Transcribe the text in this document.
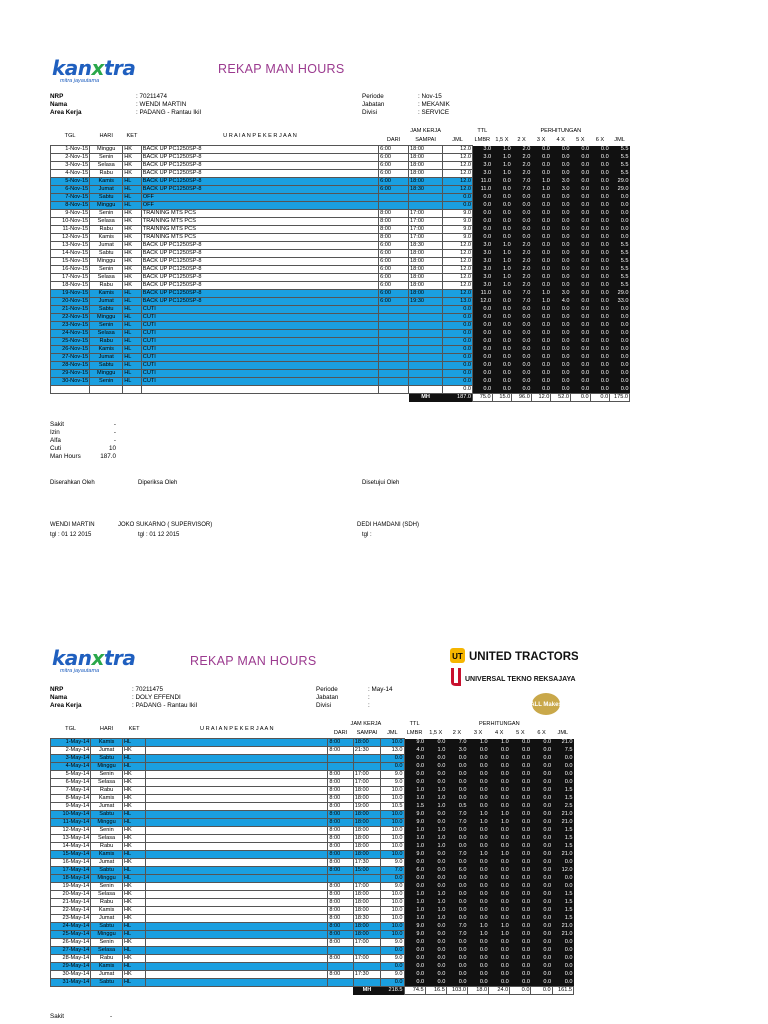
kanxtra
mitra jayautama
REKAP MAN HOURS
NRP
Nama
Area Kerja
: 70211474
: WENDI MARTIN
: PADANG - Rantau Ikil
Periode
Jabatan
Divisi
: Nov-15
: MEKANIK
: SERVICE
TGL	HARI	KET	U R A I A N P E K E R J A A N	JAM KERJA			TTL	PERHITUNGAN						
				DARI	SAMPAI	JML	LMBR	1,5 X	2 X	3 X	4 X	5 X	6 X	JML
1-Nov-15	Minggu	HK	BACK UP PC1250SP-8	6:00	18:00	12.0	3.0	1.0	2.0	0.0	0.0	0.0	0.0	5.5
2-Nov-15	Senin	HK	BACK UP PC1250SP-8	6:00	18:00	12.0	3.0	1.0	2.0	0.0	0.0	0.0	0.0	5.5
3-Nov-15	Selasa	HK	BACK UP PC1250SP-8	6:00	18:00	12.0	3.0	1.0	2.0	0.0	0.0	0.0	0.0	5.5
4-Nov-15	Rabu	HK	BACK UP PC1250SP-8	6:00	18:00	12.0	3.0	1.0	2.0	0.0	0.0	0.0	0.0	5.5
5-Nov-15	Kamis	HL	BACK UP PC1250SP-8	6:00	18:00	12.0	11.0	0.0	7.0	1.0	3.0	0.0	0.0	29.0
6-Nov-15	Jumat	HL	BACK UP PC1250SP-8	6:00	18:30	12.0	11.0	0.0	7.0	1.0	3.0	0.0	0.0	29.0
7-Nov-15	Sabtu	HL	OFF			0.0	0.0	0.0	0.0	0.0	0.0	0.0	0.0	0.0
8-Nov-15	Minggu	HL	OFF			0.0	0.0	0.0	0.0	0.0	0.0	0.0	0.0	0.0
9-Nov-15	Senin	HK	TRAINING MTS PCS	8:00	17:00	9.0	0.0	0.0	0.0	0.0	0.0	0.0	0.0	0.0
10-Nov-15	Selasa	HK	TRAINING MTS PCS	8:00	17:00	9.0	0.0	0.0	0.0	0.0	0.0	0.0	0.0	0.0
11-Nov-15	Rabu	HK	TRAINING MTS PCS	8:00	17:00	9.0	0.0	0.0	0.0	0.0	0.0	0.0	0.0	0.0
12-Nov-15	Kamis	HK	TRAINING MTS PCS	8:00	17:00	9.0	0.0	0.0	0.0	0.0	0.0	0.0	0.0	0.0
13-Nov-15	Jumat	HK	BACK UP PC1250SP-8	6:00	18:30	12.0	3.0	1.0	2.0	0.0	0.0	0.0	0.0	5.5
14-Nov-15	Sabtu	HK	BACK UP PC1250SP-8	6:00	18:00	12.0	3.0	1.0	2.0	0.0	0.0	0.0	0.0	5.5
15-Nov-15	Minggu	HK	BACK UP PC1250SP-8	6:00	18:00	12.0	3.0	1.0	2.0	0.0	0.0	0.0	0.0	5.5
16-Nov-15	Senin	HK	BACK UP PC1250SP-8	6:00	18:00	12.0	3.0	1.0	2.0	0.0	0.0	0.0	0.0	5.5
17-Nov-15	Selasa	HK	BACK UP PC1250SP-8	6:00	18:00	12.0	3.0	1.0	2.0	0.0	0.0	0.0	0.0	5.5
18-Nov-15	Rabu	HK	BACK UP PC1250SP-8	6:00	18:00	12.0	3.0	1.0	2.0	0.0	0.0	0.0	0.0	5.5
19-Nov-15	Kamis	HL	BACK UP PC1250SP-8	6:00	18:00	12.0	11.0	0.0	7.0	1.0	3.0	0.0	0.0	29.0
20-Nov-15	Jumat	HL	BACK UP PC1250SP-8	6:00	19:30	13.0	12.0	0.0	7.0	1.0	4.0	0.0	0.0	33.0
21-Nov-15	Sabtu	HL	CUTI			0.0	0.0	0.0	0.0	0.0	0.0	0.0	0.0	0.0
22-Nov-15	Minggu	HL	CUTI			0.0	0.0	0.0	0.0	0.0	0.0	0.0	0.0	0.0
23-Nov-15	Senin	HL	CUTI			0.0	0.0	0.0	0.0	0.0	0.0	0.0	0.0	0.0
24-Nov-15	Selasa	HL	CUTI			0.0	0.0	0.0	0.0	0.0	0.0	0.0	0.0	0.0
25-Nov-15	Rabu	HL	CUTI			0.0	0.0	0.0	0.0	0.0	0.0	0.0	0.0	0.0
26-Nov-15	Kamis	HL	CUTI			0.0	0.0	0.0	0.0	0.0	0.0	0.0	0.0	0.0
27-Nov-15	Jumat	HL	CUTI			0.0	0.0	0.0	0.0	0.0	0.0	0.0	0.0	0.0
28-Nov-15	Sabtu	HL	CUTI			0.0	0.0	0.0	0.0	0.0	0.0	0.0	0.0	0.0
29-Nov-15	Minggu	HL	CUTI			0.0	0.0	0.0	0.0	0.0	0.0	0.0	0.0	0.0
30-Nov-15	Senin	HL	CUTI			0.0	0.0	0.0	0.0	0.0	0.0	0.0	0.0	0.0
						0.0	0.0	0.0	0.0	0.0	0.0	0.0	0.0	0.0
					MH	187.0	75.0	15.0	96.0	12.0	52.0	0.0	0.0	175.0
Sakit	-
Izin	-
Alfa	-
Cuti	10
Man Hours	187.0
Diserahkan Oleh	Diperiksa Oleh	Disetujui Oleh
WENDI MARTIN	JOKO SUKARNO ( SUPERVISOR)	DEDI HAMDANI (SDH)
tgl : 01 12 2015	tgl : 01 12 2015	tgl :
kanxtra
mitra jayautama
REKAP MAN HOURS	UT UNITED TRACTORS
UNIVERSAL TEKNO REKSAJAYA
ALL Makes
NRP
Nama
Area Kerja
: 70211475
: DOLY EFFENDI
: PADANG - Rantau Ikil
Periode
Jabatan
Divisi
: May-14
:
:
TGL	HARI	KET	U R A I A N P E K E R J A A N	JAM KERJA			TTL	PERHITUNGAN						
				DARI	SAMPAI	JML	LMBR	1,5 X	2 X	3 X	4 X	5 X	6 X	JML
1-May-14	Kamis	HL		8:00	18:00	10.0	9.0	0.0	7.0	1.0	1.0	0.0	0.0	21.0
2-May-14	Jumat	HK		8:00	21:30	13.0	4.0	1.0	3.0	0.0	0.0	0.0	0.0	7.5
3-May-14	Sabtu	HL				0.0	0.0	0.0	0.0	0.0	0.0	0.0	0.0	0.0
4-May-14	Minggu	HL				0.0	0.0	0.0	0.0	0.0	0.0	0.0	0.0	0.0
5-May-14	Senin	HK		8:00	17:00	9.0	0.0	0.0	0.0	0.0	0.0	0.0	0.0	0.0
6-May-14	Selasa	HK		8:00	17:00	9.0	0.0	0.0	0.0	0.0	0.0	0.0	0.0	0.0
7-May-14	Rabu	HK		8:00	18:00	10.0	1.0	1.0	0.0	0.0	0.0	0.0	0.0	1.5
8-May-14	Kamis	HK		8:00	18:00	10.0	1.0	1.0	0.0	0.0	0.0	0.0	0.0	1.5
9-May-14	Jumat	HK		8:00	19:00	10.5	1.5	1.0	0.5	0.0	0.0	0.0	0.0	2.5
10-May-14	Sabtu	HL		8:00	18:00	10.0	9.0	0.0	7.0	1.0	1.0	0.0	0.0	21.0
11-May-14	Minggu	HL		8:00	18:00	10.0	9.0	0.0	7.0	1.0	1.0	0.0	0.0	21.0
12-May-14	Senin	HK		8:00	18:00	10.0	1.0	1.0	0.0	0.0	0.0	0.0	0.0	1.5
13-May-14	Selasa	HK		8:00	18:00	10.0	1.0	1.0	0.0	0.0	0.0	0.0	0.0	1.5
14-May-14	Rabu	HK		8:00	18:00	10.0	1.0	1.0	0.0	0.0	0.0	0.0	0.0	1.5
15-May-14	Kamis	HL		8:00	18:00	10.0	9.0	0.0	7.0	1.0	1.0	0.0	0.0	21.0
16-May-14	Jumat	HK		8:00	17:30	9.0	0.0	0.0	0.0	0.0	0.0	0.0	0.0	0.0
17-May-14	Sabtu	HL		8:00	15:00	7.0	6.0	0.0	6.0	0.0	0.0	0.0	0.0	12.0
18-May-14	Minggu	HL				0.0	0.0	0.0	0.0	0.0	0.0	0.0	0.0	0.0
19-May-14	Senin	HK		8:00	17:00	9.0	0.0	0.0	0.0	0.0	0.0	0.0	0.0	0.0
20-May-14	Selasa	HK		8:00	18:00	10.0	1.0	1.0	0.0	0.0	0.0	0.0	0.0	1.5
21-May-14	Rabu	HK		8:00	18:00	10.0	1.0	1.0	0.0	0.0	0.0	0.0	0.0	1.5
22-May-14	Kamis	HK		8:00	18:00	10.0	1.0	1.0	0.0	0.0	0.0	0.0	0.0	1.5
23-May-14	Jumat	HK		8:00	18:30	10.0	1.0	1.0	0.0	0.0	0.0	0.0	0.0	1.5
24-May-14	Sabtu	HL		8:00	18:00	10.0	9.0	0.0	7.0	1.0	1.0	0.0	0.0	21.0
25-May-14	Minggu	HL		8:00	18:00	10.0	9.0	0.0	7.0	1.0	1.0	0.0	0.0	21.0
26-May-14	Senin	HK		8:00	17:00	9.0	0.0	0.0	0.0	0.0	0.0	0.0	0.0	0.0
27-May-14	Selasa	HL				0.0	0.0	0.0	0.0	0.0	0.0	0.0	0.0	0.0
28-May-14	Rabu	HK		8:00	17:00	9.0	0.0	0.0	0.0	0.0	0.0	0.0	0.0	0.0
29-May-14	Kamis	HL				0.0	0.0	0.0	0.0	0.0	0.0	0.0	0.0	0.0
30-May-14	Jumat	HK		8:00	17:30	9.0	0.0	0.0	0.0	0.0	0.0	0.0	0.0	0.0
31-May-14	Sabtu	HL				0.0	0.0	0.0	0.0	0.0	0.0	0.0	0.0	0.0
					MH	218.5	74.5	16.5	103.0	18.0	24.0	0.0	0.0	161.5
Sakit	-
